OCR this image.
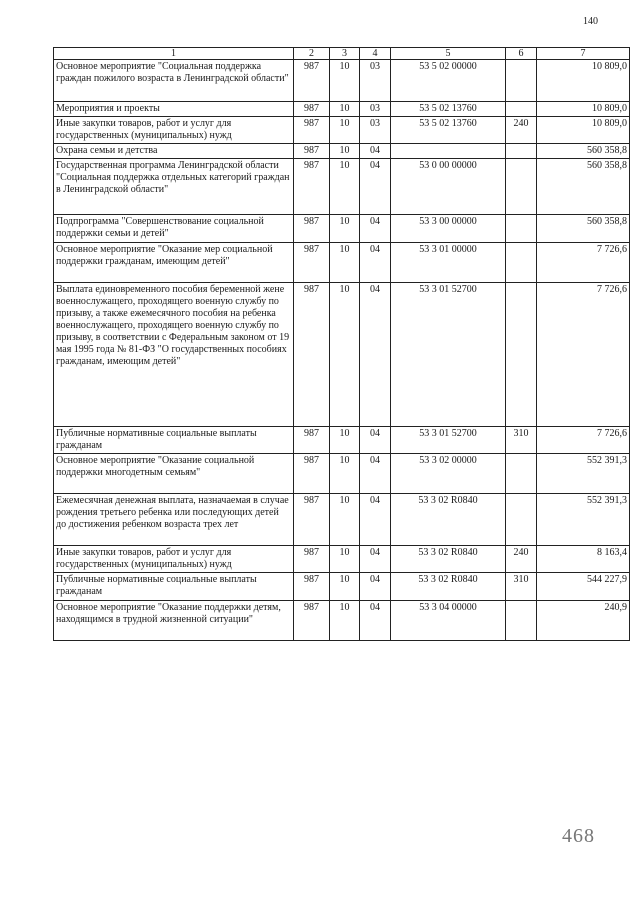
140
1	2	3	4	5	6	7
Основное мероприятие "Социальная поддержка граждан пожилого возраста в Ленинградской области"	987	10	03	53 5 02 00000		10 809,0
Мероприятия и проекты	987	10	03	53 5 02 13760		10 809,0
Иные закупки товаров, работ и услуг для государственных (муниципальных) нужд	987	10	03	53 5 02 13760	240	10 809,0
Охрана семьи и детства	987	10	04			560 358,8
Государственная программа Ленинградской области "Социальная поддержка отдельных категорий граждан в Ленинградской области"	987	10	04	53 0 00 00000		560 358,8
Подпрограмма "Совершенствование социальной поддержки семьи и детей"	987	10	04	53 3 00 00000		560 358,8
Основное мероприятие "Оказание мер социальной поддержки гражданам, имеющим детей"	987	10	04	53 3 01 00000		7 726,6
Выплата единовременного пособия беременной жене военнослужащего, проходящего военную службу по призыву, а также ежемесячного пособия на ребенка военнослужащего, проходящего военную службу по призыву, в соответствии с Федеральным законом от 19 мая 1995 года № 81-ФЗ "О государственных пособиях гражданам, имеющим детей"	987	10	04	53 3 01 52700		7 726,6
Публичные нормативные социальные выплаты гражданам	987	10	04	53 3 01 52700	310	7 726,6
Основное мероприятие "Оказание социальной поддержки многодетным семьям"	987	10	04	53 3 02 00000		552 391,3
Ежемесячная денежная выплата, назначаемая в случае рождения третьего ребенка или последующих детей до достижения ребенком возраста трех лет	987	10	04	53 3 02 R0840		552 391,3
Иные закупки товаров, работ и услуг для государственных (муниципальных) нужд	987	10	04	53 3 02 R0840	240	8 163,4
Публичные нормативные социальные выплаты гражданам	987	10	04	53 3 02 R0840	310	544 227,9
Основное мероприятие "Оказание поддержки детям, находящимся в трудной жизненной ситуации"	987	10	04	53 3 04 00000		240,9
468
